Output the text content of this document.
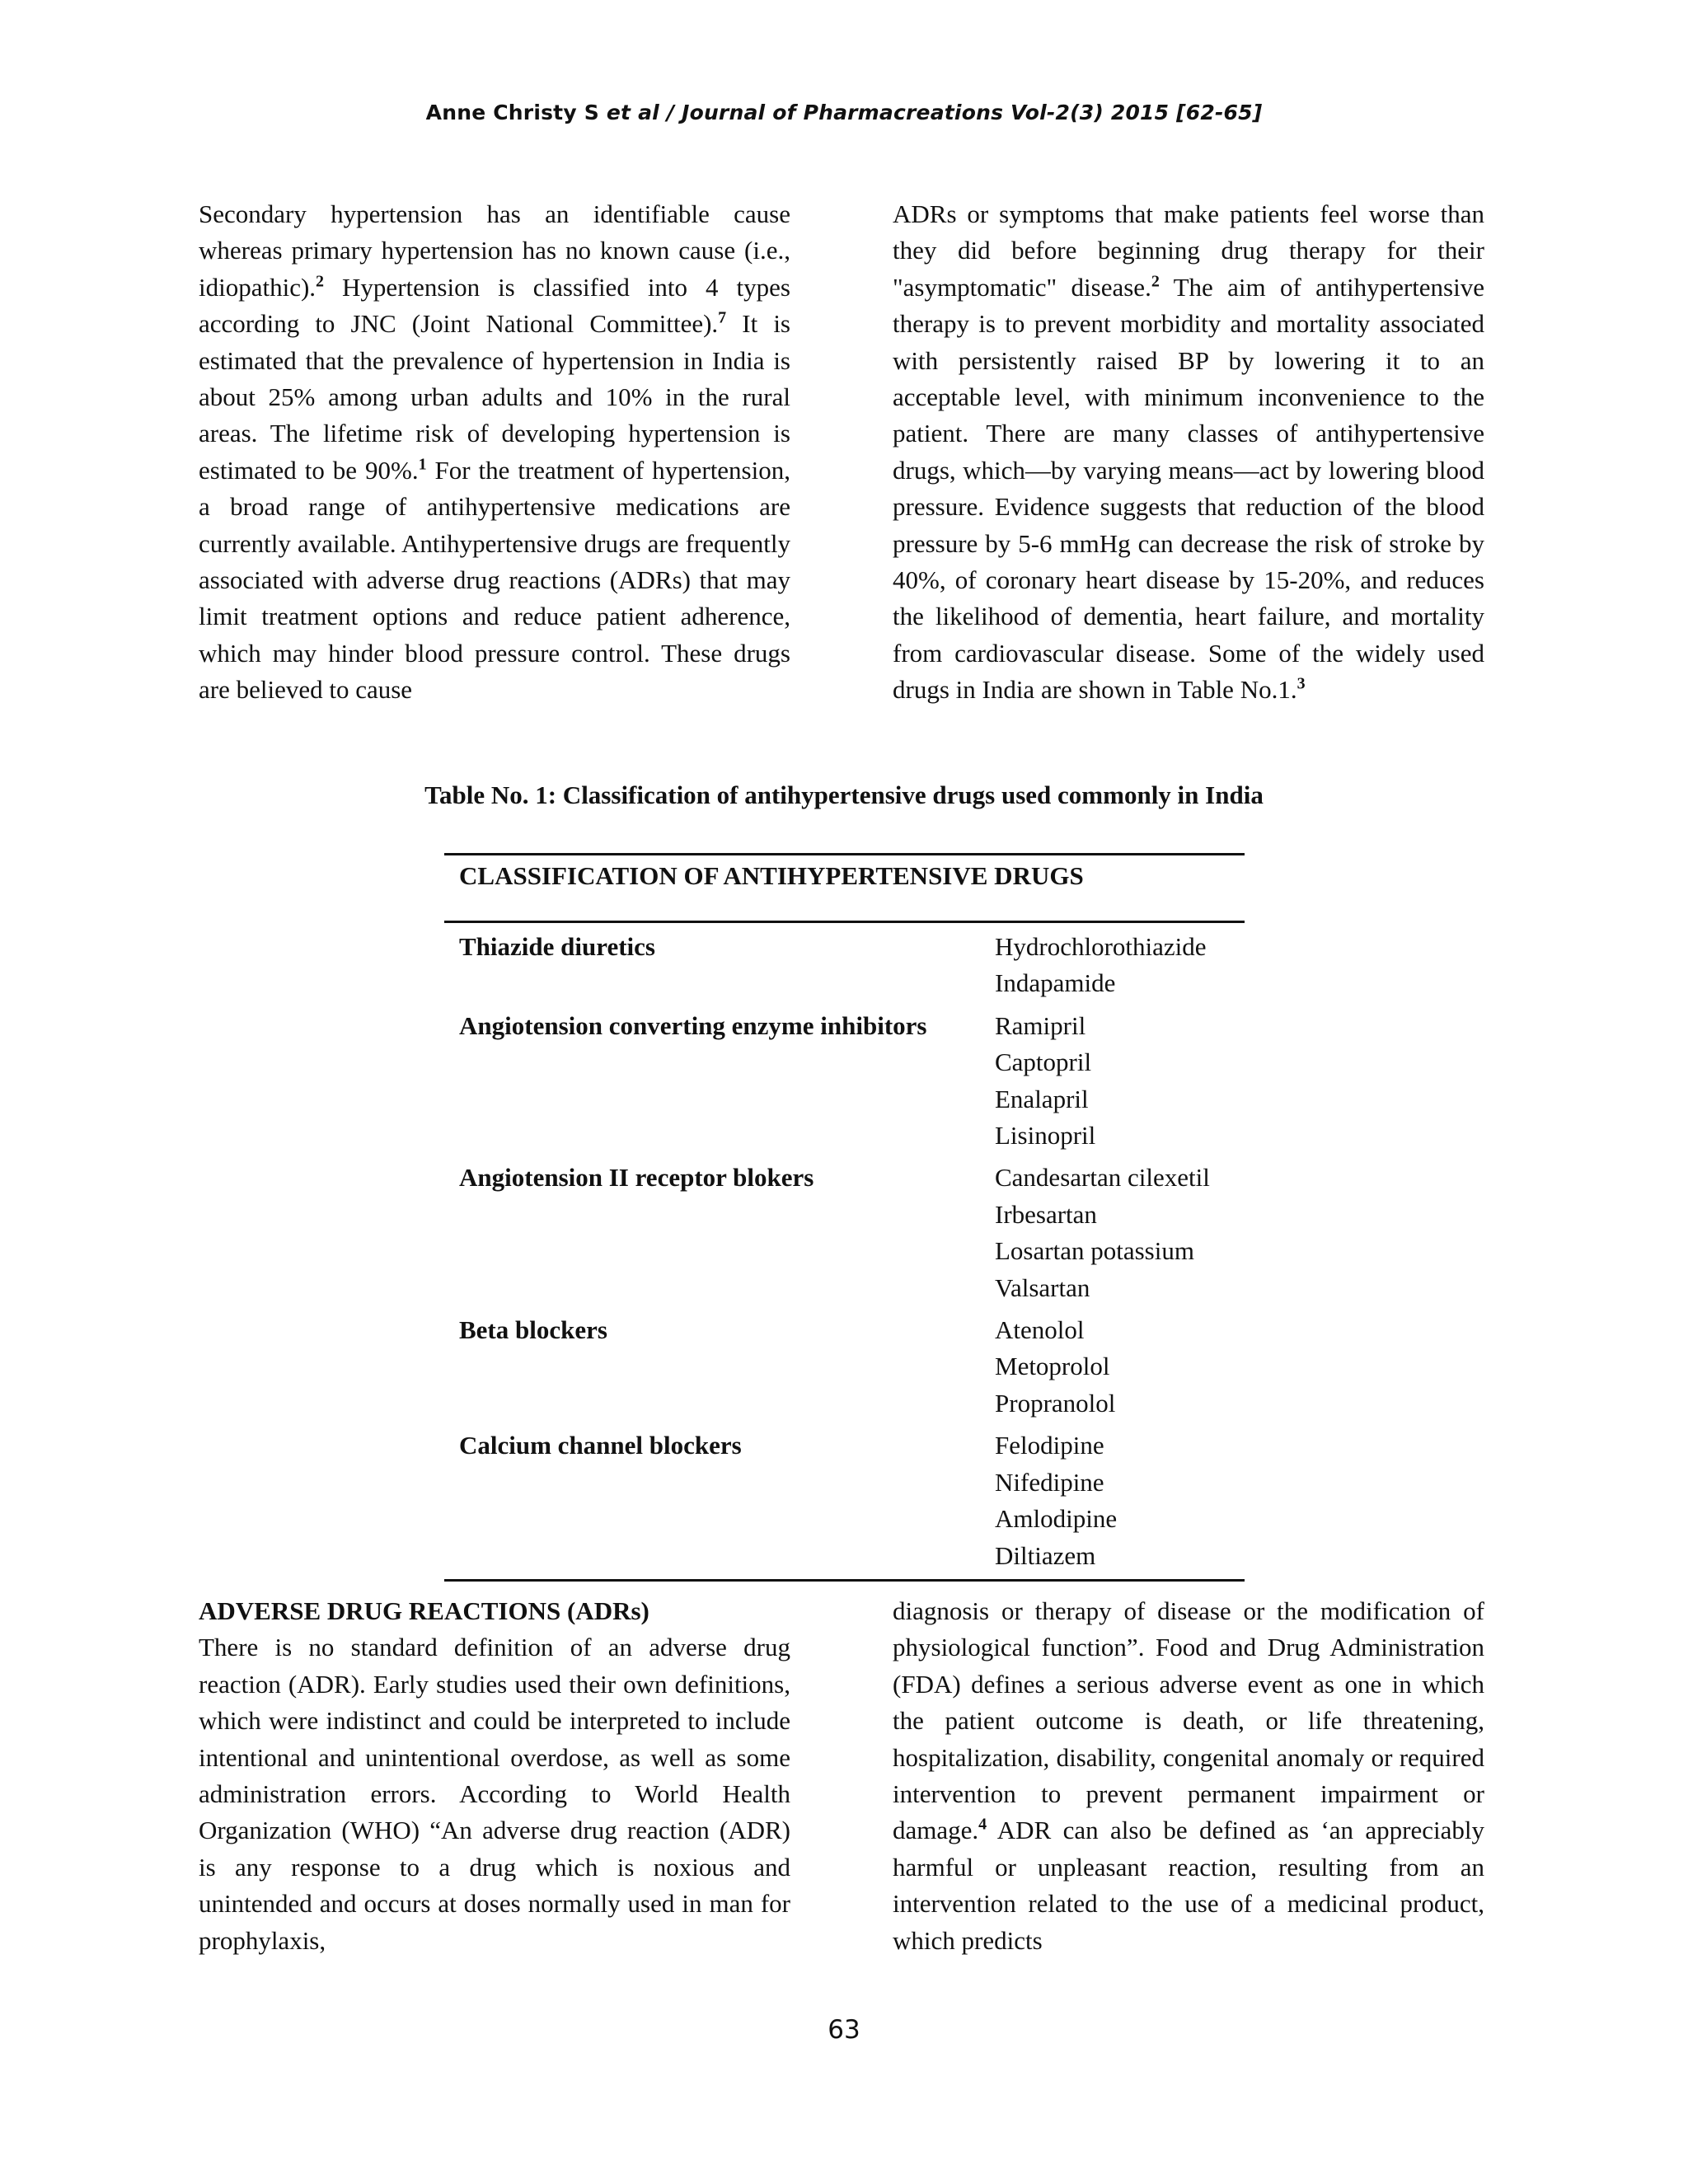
Anne Christy S et al / Journal of Pharmacreations Vol-2(3) 2015 [62-65]

Secondary hypertension has an identifiable cause whereas primary hypertension has no known cause (i.e., idiopathic).$^2$ Hypertension is classified into 4 types according to JNC (Joint National Committee).$^7$ It is estimated that the prevalence of hypertension in India is about 25% among urban adults and 10% in the rural areas. The lifetime risk of developing hypertension is estimated to be 90%.$^1$ For the treatment of hypertension, a broad range of antihypertensive medications are currently available. Antihypertensive drugs are frequently associated with adverse drug reactions (ADRs) that may limit treatment options and reduce patient adherence, which may hinder blood pressure control. These drugs are believed to cause

ADRs or symptoms that make patients feel worse than they did before beginning drug therapy for their "asymptomatic" disease.$^2$ The aim of antihypertensive therapy is to prevent morbidity and mortality associated with persistently raised BP by lowering it to an acceptable level, with minimum inconvenience to the patient. There are many classes of antihypertensive drugs, which—by varying means—act by lowering blood pressure. Evidence suggests that reduction of the blood pressure by 5-6 mmHg can decrease the risk of stroke by 40%, of coronary heart disease by 15-20%, and reduces the likelihood of dementia, heart failure, and mortality from cardiovascular disease. Some of the widely used drugs in India are shown in Table No.1.$^3$

Table No. 1: Classification of antihypertensive drugs used commonly in India
CLASSIFICATION OF ANTIHYPERTENSIVE DRUGS
Thiazide diuretics	Hydrochlorothiazide
Indapamide
Angiotension converting enzyme inhibitors	Ramipril
Captopril
Enalapril
Lisinopril
Angiotension II receptor blokers	Candesartan cilexetil
Irbesartan
Losartan potassium
Valsartan
Beta blockers	Atenolol
Metoprolol
Propranolol
Calcium channel blockers	Felodipine
Nifedipine
Amlodipine
Diltiazem

ADVERSE DRUG REACTIONS (ADRs)

There is no standard definition of an adverse drug reaction (ADR). Early studies used their own definitions, which were indistinct and could be interpreted to include intentional and unintentional overdose, as well as some administration errors. According to World Health Organization (WHO) “An adverse drug reaction (ADR) is any response to a drug which is noxious and unintended and occurs at doses normally used in man for prophylaxis,

diagnosis or therapy of disease or the modification of physiological function”. Food and Drug Administration (FDA) defines a serious adverse event as one in which the patient outcome is death, or life threatening, hospitalization, disability, congenital anomaly or required intervention to prevent permanent impairment or damage.$^4$ ADR can also be defined as ‘an appreciably harmful or unpleasant reaction, resulting from an intervention related to the use of a medicinal product, which predicts

63
